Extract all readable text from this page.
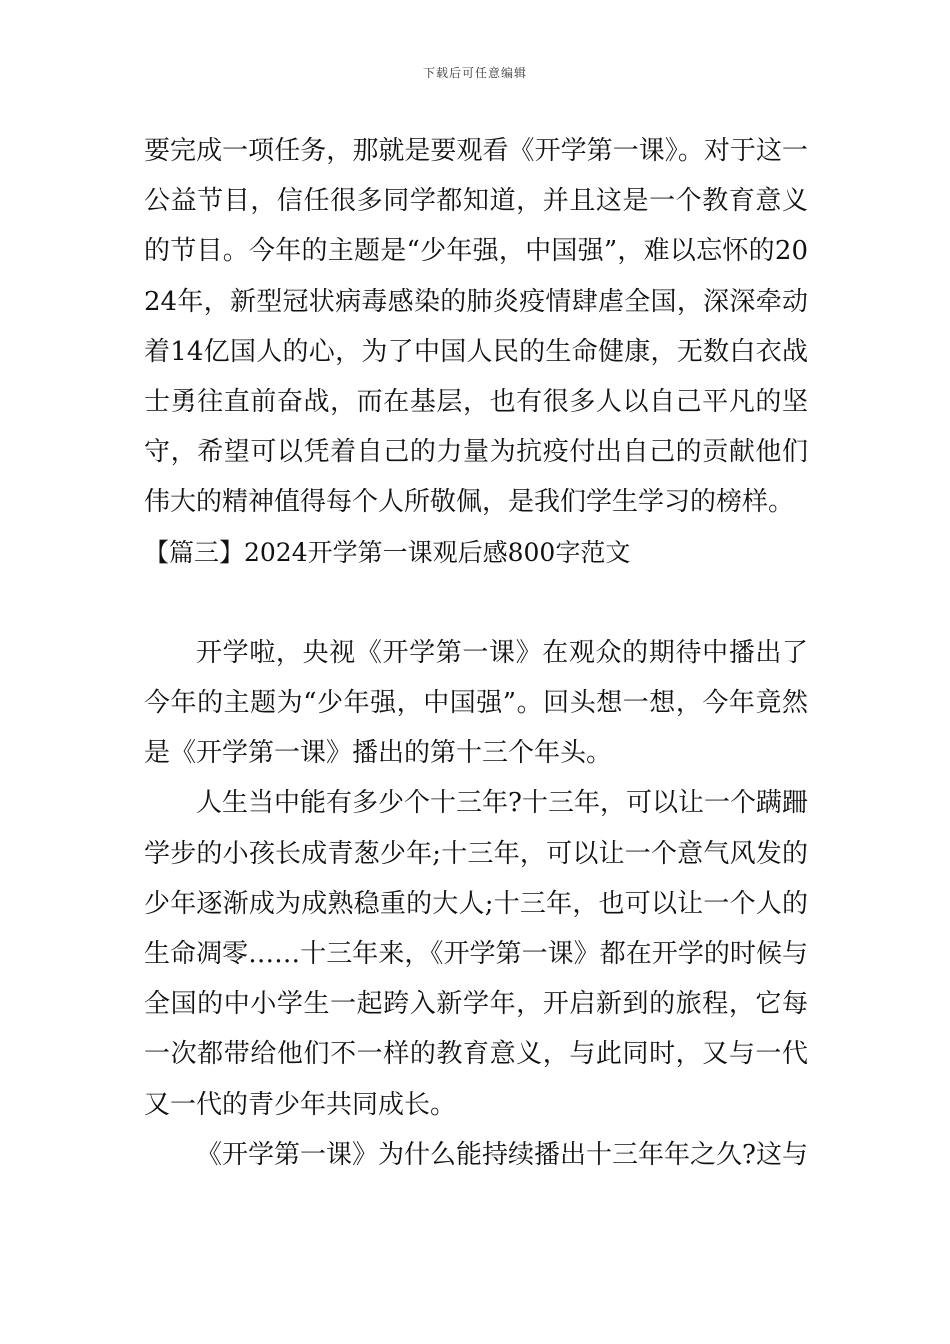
下载后可任意编辑

要完成一项任务，那就是要观看《开学第一课》。对于这一公益节目，信任很多同学都知道，并且这是一个教育意义的节目。今年的主题是“少年强，中国强”，难以忘怀的2024年，新型冠状病毒感染的肺炎疫情肆虐全国，深深牵动着14亿国人的心，为了中国人民的生命健康，无数白衣战士勇往直前奋战，而在基层，也有很多人以自己平凡的坚守，希望可以凭着自己的力量为抗疫付出自己的贡献他们伟大的精神值得每个人所敬佩，是我们学生学习的榜样。

【篇三】2024开学第一课观后感800字范文

开学啦，央视《开学第一课》在观众的期待中播出了今年的主题为“少年强，中国强”。回头想一想，今年竟然是《开学第一课》播出的第十三个年头。

人生当中能有多少个十三年?十三年，可以让一个蹒跚学步的小孩长成青葱少年;十三年，可以让一个意气风发的少年逐渐成为成熟稳重的大人;十三年，也可以让一个人的生命凋零……十三年来，《开学第一课》都在开学的时候与全国的中小学生一起跨入新学年，开启新到的旅程，它每一次都带给他们不一样的教育意义，与此同时，又与一代又一代的青少年共同成长。

《开学第一课》为什么能持续播出十三年年之久?这与
